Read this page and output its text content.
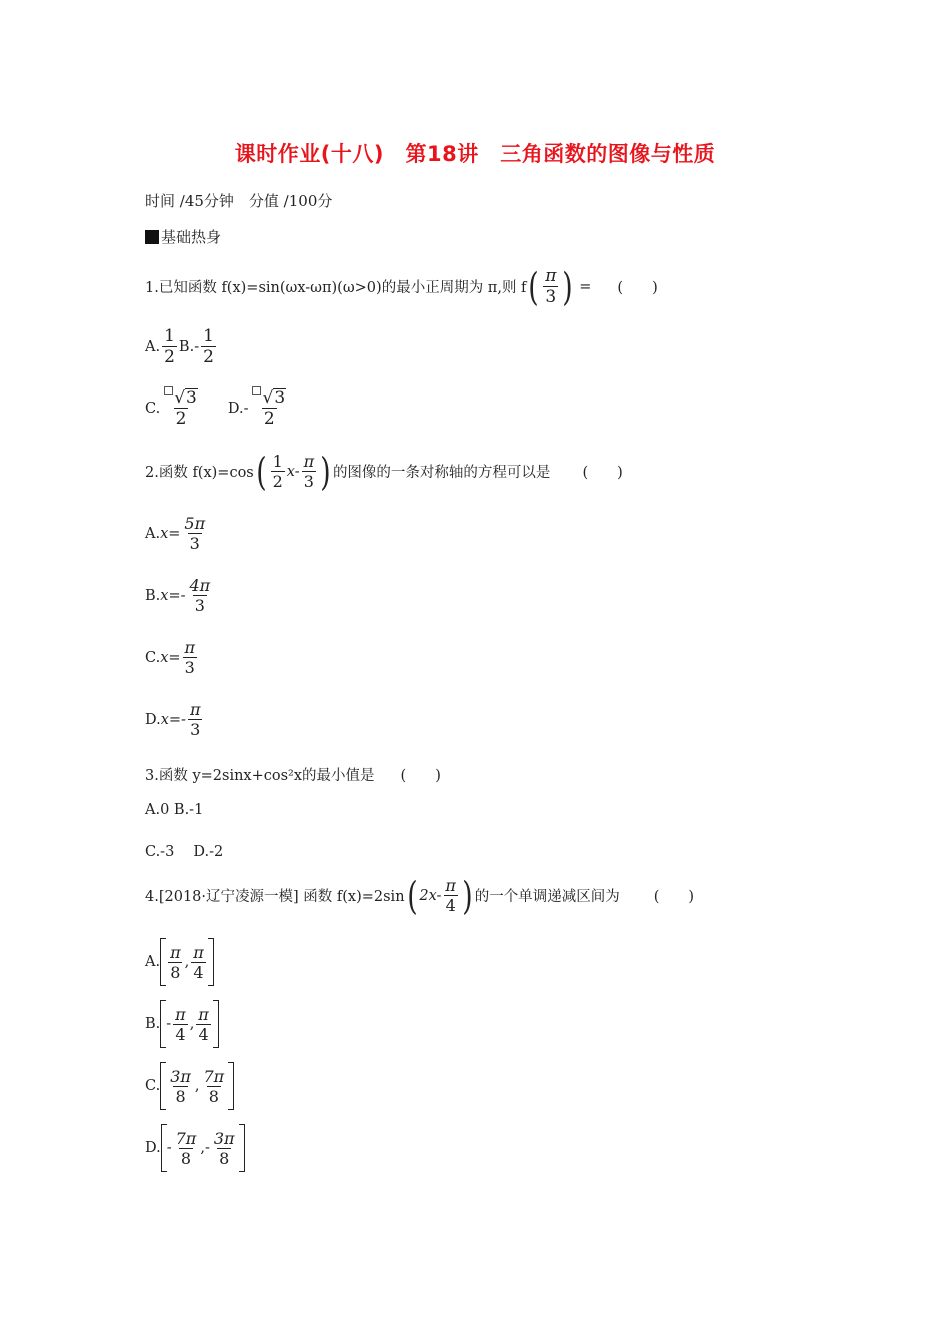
课时作业(十八)　第18讲　三角函数的图像与性质
时间 ∕45分钟　分值 ∕100分
基础热身
1.已知函数 f(x)=sin(ωx-ωπ)(ω>0)的最小正周期为 π,则 f ( $\frac{\pi}{3}$ ) = (　　)
A. $\frac{1}{2} B$. - $\frac{1}{2}$
C. $\frac{√ 3}{2} D$. - $\frac{√ 3}{2}$
2.函数 f(x)=cos ( $\frac{1}{2} x- \frac{\pi}{3}$ ) 的图像的一条对称轴的方程可以是 (　　)
A. $x= \frac{5\pi}{3}$
B. $x=- \frac{4\pi}{3}$
C. $x= \frac{\pi}{3}$
D. $x=- \frac{\pi}{3}$
3.函数 y=2sinx+cos²x的最小值是 (　　)
A.0 B.-1
C.-3　 D.-2
4.[2018·辽宁凌源一模] 函数 f(x)=2sin ( $2x- \frac{\pi}{4}$ ) 的一个单调递减区间为 (　　)
A. $\frac{\pi}{8}$ , $\frac{\pi}{4}$
B. - $\frac{\pi}{4}$ , $\frac{\pi}{4}$
C. $\frac{3\pi}{8}$ , $\frac{7\pi}{8}$
D. - $\frac{7\pi}{8}$ , - $\frac{3\pi}{8}$
